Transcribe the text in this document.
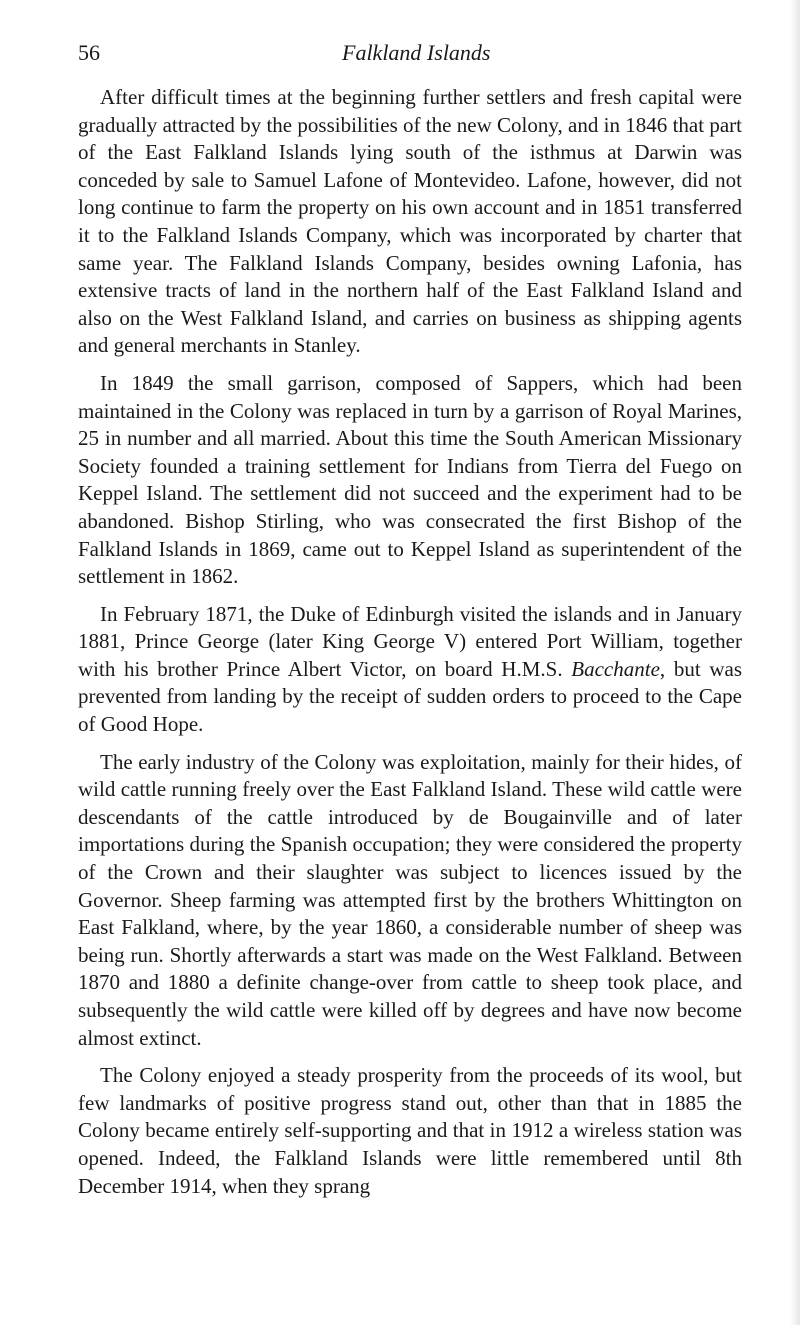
56	Falkland Islands

After difficult times at the beginning further settlers and fresh capital were gradually attracted by the possibilities of the new Colony, and in 1846 that part of the East Falkland Islands lying south of the isthmus at Darwin was conceded by sale to Samuel Lafone of Montevideo. Lafone, however, did not long continue to farm the property on his own account and in 1851 transferred it to the Falkland Islands Company, which was incorporated by charter that same year. The Falkland Islands Company, besides owning Lafonia, has extensive tracts of land in the northern half of the East Falkland Island and also on the West Falkland Island, and carries on business as shipping agents and general merchants in Stanley.

In 1849 the small garrison, composed of Sappers, which had been maintained in the Colony was replaced in turn by a garrison of Royal Marines, 25 in number and all married. About this time the South American Missionary Society founded a training settlement for Indians from Tierra del Fuego on Keppel Island. The settlement did not succeed and the experiment had to be abandoned. Bishop Stirling, who was consecrated the first Bishop of the Falkland Islands in 1869, came out to Keppel Island as superintendent of the settlement in 1862.

In February 1871, the Duke of Edinburgh visited the islands and in January 1881, Prince George (later King George V) entered Port William, together with his brother Prince Albert Victor, on board H.M.S. Bacchante, but was prevented from landing by the receipt of sudden orders to proceed to the Cape of Good Hope.

The early industry of the Colony was exploitation, mainly for their hides, of wild cattle running freely over the East Falkland Island. These wild cattle were descendants of the cattle introduced by de Bougainville and of later importations during the Spanish occupation; they were considered the property of the Crown and their slaughter was subject to licences issued by the Governor. Sheep farming was attempted first by the brothers Whittington on East Falkland, where, by the year 1860, a considerable number of sheep was being run. Shortly afterwards a start was made on the West Falkland. Between 1870 and 1880 a definite change-over from cattle to sheep took place, and subsequently the wild cattle were killed off by degrees and have now become almost extinct.

The Colony enjoyed a steady prosperity from the proceeds of its wool, but few landmarks of positive progress stand out, other than that in 1885 the Colony became entirely self-supporting and that in 1912 a wireless station was opened. Indeed, the Falkland Islands were little remembered until 8th December 1914, when they sprang
